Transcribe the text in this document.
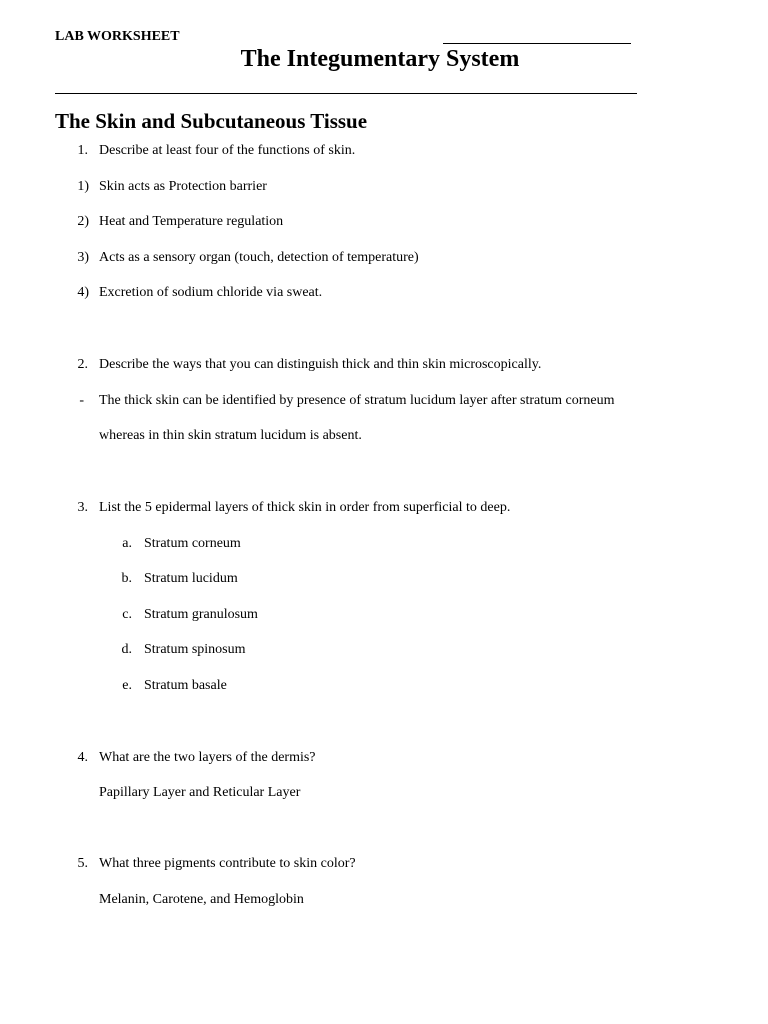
LAB WORKSHEET
The Integumentary System
The Skin and Subcutaneous Tissue
1. Describe at least four of the functions of skin.
1) Skin acts as Protection barrier
2) Heat and Temperature regulation
3) Acts as a sensory organ (touch, detection of temperature)
4) Excretion of sodium chloride via sweat.
2. Describe the ways that you can distinguish thick and thin skin microscopically.
- The thick skin can be identified by presence of stratum lucidum layer after stratum corneum
whereas in thin skin stratum lucidum is absent.
3. List the 5 epidermal layers of thick skin in order from superficial to deep.
a. Stratum corneum
b. Stratum lucidum
c. Stratum granulosum
d. Stratum spinosum
e. Stratum basale
4. What are the two layers of the dermis?
Papillary Layer and Reticular Layer
5. What three pigments contribute to skin color?
Melanin, Carotene, and Hemoglobin
